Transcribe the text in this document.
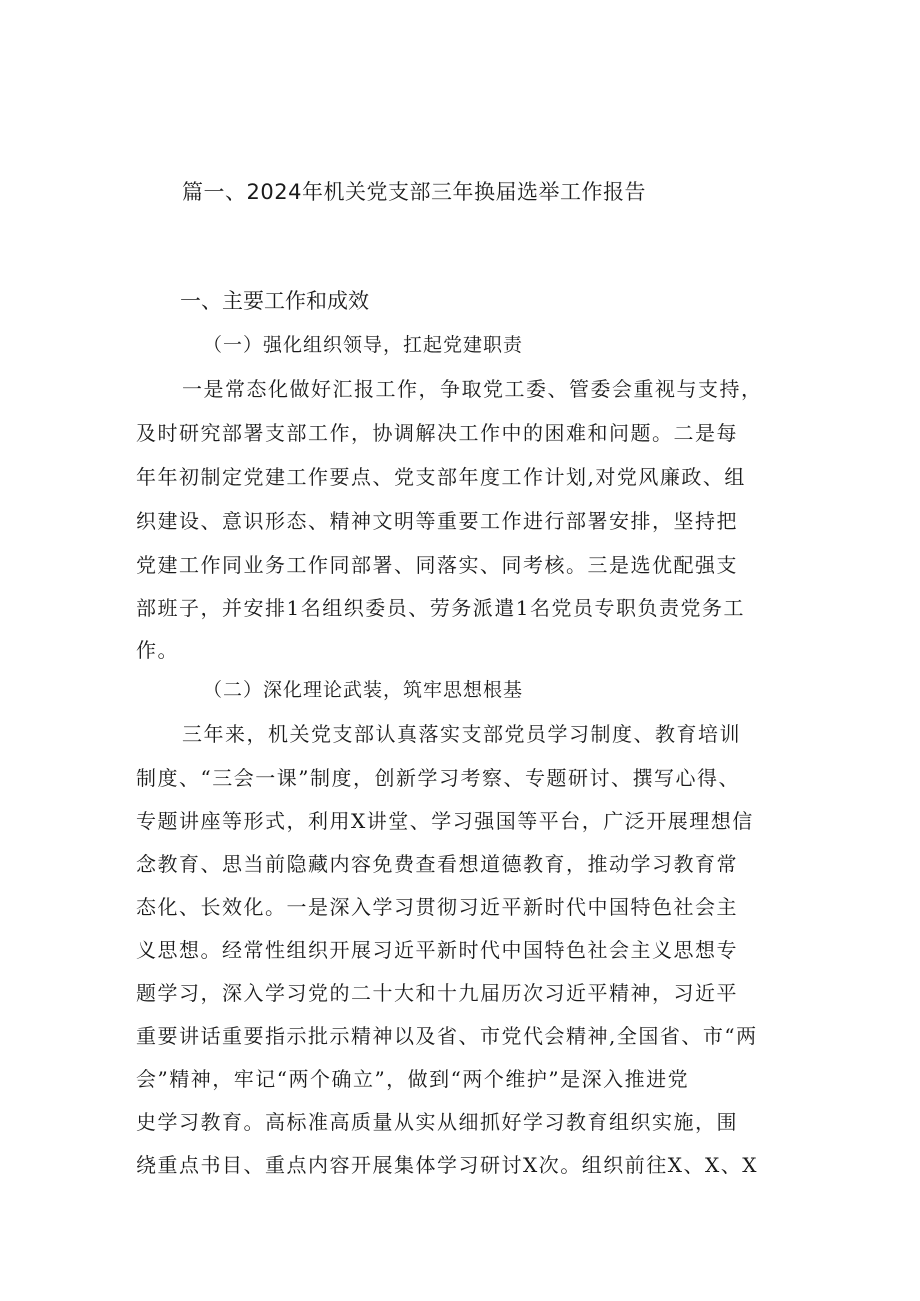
篇一、2024年机关党支部三年换届选举工作报告
一、主要工作和成效
（一）强化组织领导，扛起党建职责
一是常态化做好汇报工作，争取党工委、管委会重视与支持，
及时研究部署支部工作，协调解决工作中的困难和问题。二是每
年年初制定党建工作要点、党支部年度工作计划,对党风廉政、组
织建设、意识形态、精神文明等重要工作进行部署安排，坚持把
党建工作同业务工作同部署、同落实、同考核。三是选优配强支
部班子，并安排1名组织委员、劳务派遣1名党员专职负责党务工
作。
（二）深化理论武装，筑牢思想根基
三年来，机关党支部认真落实支部党员学习制度、教育培训
制度、“三会一课”制度，创新学习考察、专题研讨、撰写心得、
专题讲座等形式，利用X讲堂、学习强国等平台，广泛开展理想信
念教育、思当前隐藏内容免费查看想道德教育，推动学习教育常
态化、长效化。一是深入学习贯彻习近平新时代中国特色社会主
义思想。经常性组织开展习近平新时代中国特色社会主义思想专
题学习，深入学习党的二十大和十九届历次习近平精神，习近平
重要讲话重要指示批示精神以及省、市党代会精神,全国省、市“两
会”精神，牢记“两个确立”，做到“两个维护”是深入推进党
史学习教育。高标准高质量从实从细抓好学习教育组织实施，围
绕重点书目、重点内容开展集体学习研讨X次。组织前往X、X、X
